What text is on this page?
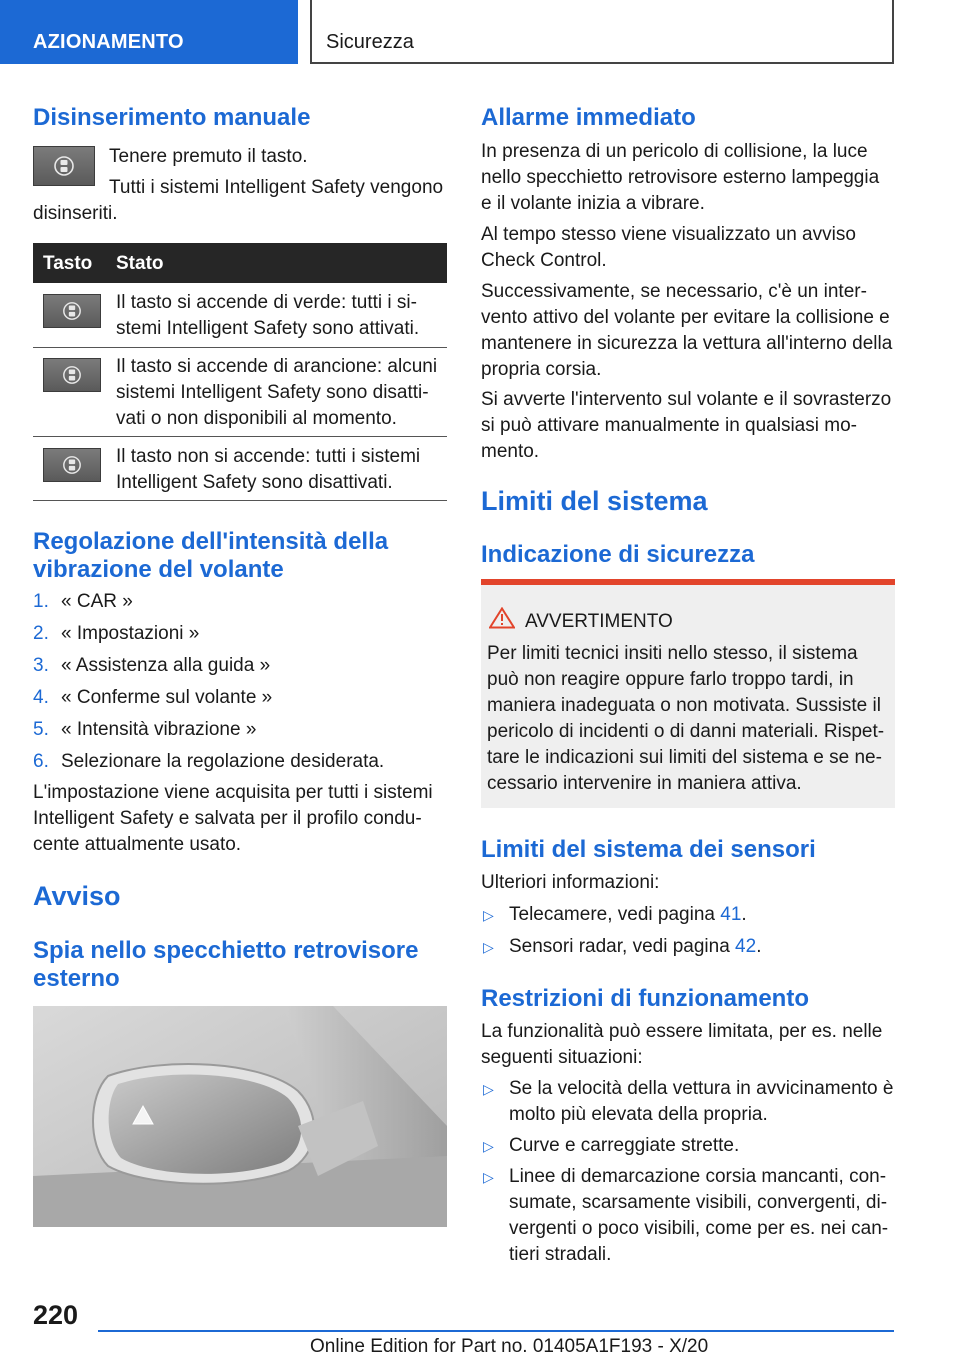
AZIONAMENTO	Sicurezza
Disinserimento manuale
Tenere premuto il tasto.
Tutti i sistemi Intelligent Safety vengono
disinseriti.
Tasto Stato
Il tasto si accende di verde: tutti i si-
stemi Intelligent Safety sono attivati.
Il tasto si accende di arancione: alcuni
sistemi Intelligent Safety sono disatti-
vati o non disponibili al momento.
Il tasto non si accende: tutti i sistemi
Intelligent Safety sono disattivati.
Regolazione dell'intensità della
vibrazione del volante
1. « CAR »
2. « Impostazioni »
3. « Assistenza alla guida »
4. « Conferme sul volante »
5. « Intensità vibrazione »
6. Selezionare la regolazione desiderata.
L'impostazione viene acquisita per tutti i sistemi
Intelligent Safety e salvata per il profilo condu-
cente attualmente usato.
Avviso
Spia nello specchietto retrovisore
esterno
Allarme immediato
In presenza di un pericolo di collisione, la luce
nello specchietto retrovisore esterno lampeggia
e il volante inizia a vibrare.
Al tempo stesso viene visualizzato un avviso
Check Control.
Successivamente, se necessario, c'è un inter-
vento attivo del volante per evitare la collisione e
mantenere in sicurezza la vettura all'interno della
propria corsia.
Si avverte l'intervento sul volante e il sovrasterzo
si può attivare manualmente in qualsiasi mo-
mento.
Limiti del sistema
Indicazione di sicurezza
AVVERTIMENTO
Per limiti tecnici insiti nello stesso, il sistema
può non reagire oppure farlo troppo tardi, in
maniera inadeguata o non motivata. Sussiste il
pericolo di incidenti o di danni materiali. Rispet-
tare le indicazioni sui limiti del sistema e se ne-
cessario intervenire in maniera attiva.
Limiti del sistema dei sensori
Ulteriori informazioni:
▷ Telecamere, vedi pagina 41.
▷ Sensori radar, vedi pagina 42.
Restrizioni di funzionamento
La funzionalità può essere limitata, per es. nelle
seguenti situazioni:
▷ Se la velocità della vettura in avvicinamento è
molto più elevata della propria.
▷ Curve e carreggiate strette.
▷ Linee di demarcazione corsia mancanti, con-
sumate, scarsamente visibili, convergenti, di-
vergenti o poco visibili, come per es. nei can-
tieri stradali.
220
Online Edition for Part no. 01405A1F193 - X/20
